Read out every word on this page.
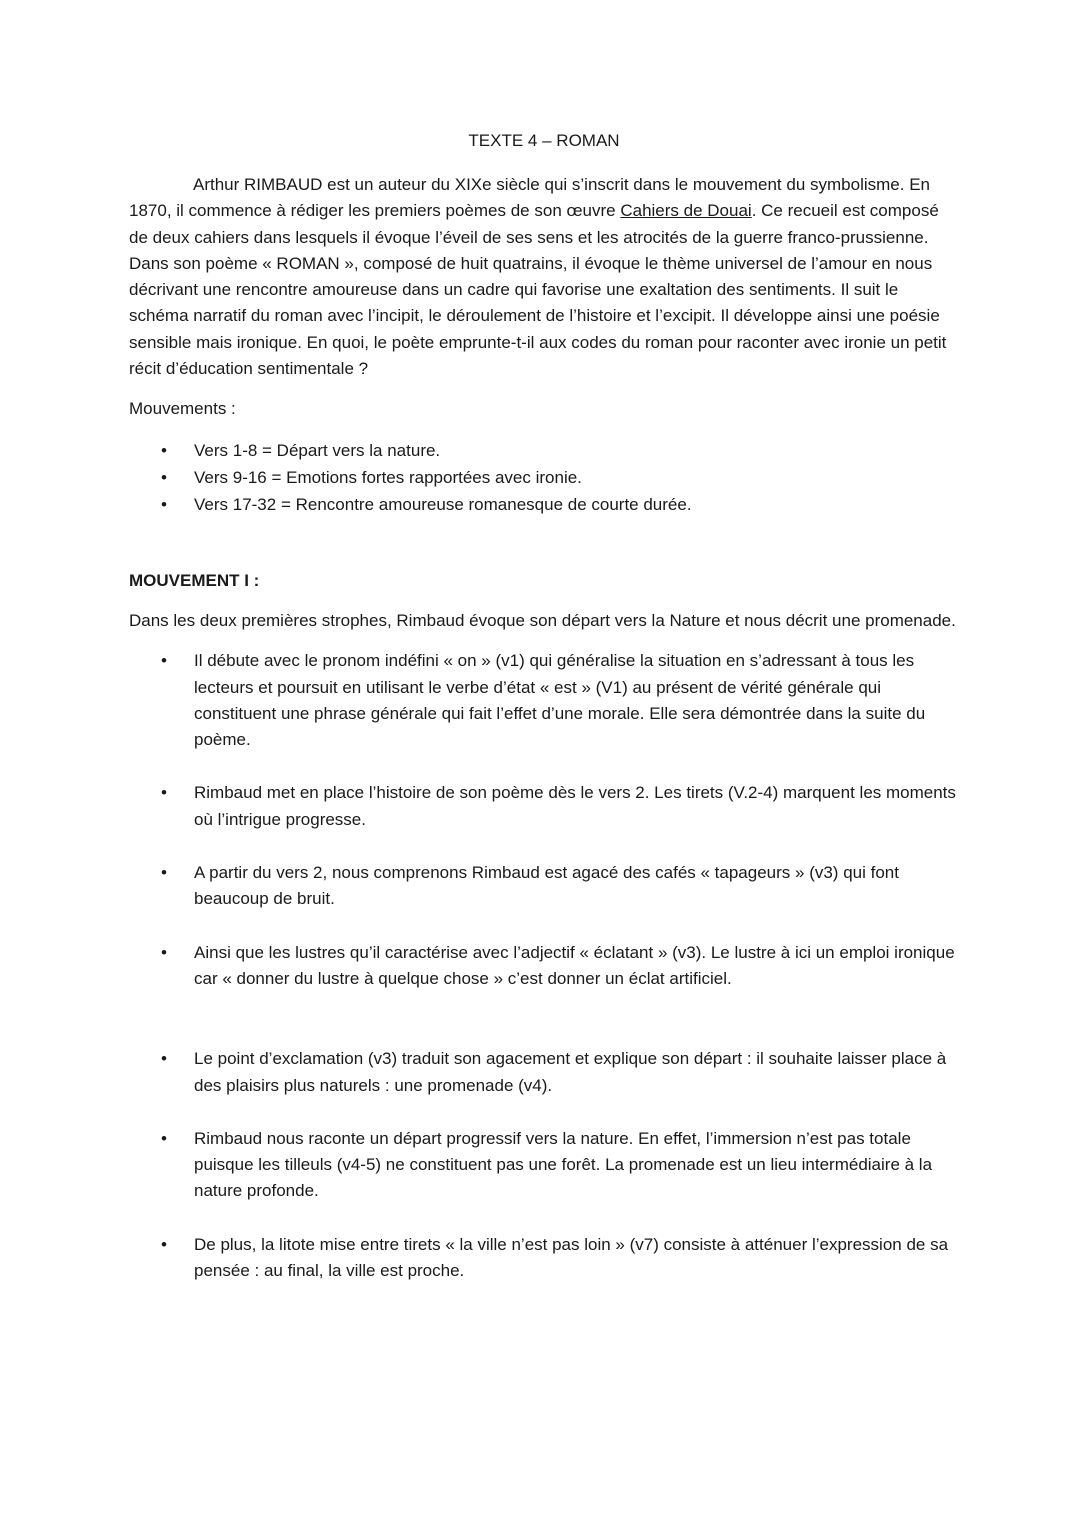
TEXTE 4 – ROMAN

Arthur RIMBAUD est un auteur du XIXe siècle qui s’inscrit dans le mouvement du symbolisme. En 1870, il commence à rédiger les premiers poèmes de son œuvre Cahiers de Douai. Ce recueil est composé de deux cahiers dans lesquels il évoque l’éveil de ses sens et les atrocités de la guerre franco-prussienne. Dans son poème « ROMAN », composé de huit quatrains, il évoque le thème universel de l’amour en nous décrivant une rencontre amoureuse dans un cadre qui favorise une exaltation des sentiments. Il suit le schéma narratif du roman avec l’incipit, le déroulement de l’histoire et l’excipit. Il développe ainsi une poésie sensible mais ironique. En quoi, le poète emprunte-t-il aux codes du roman pour raconter avec ironie un petit récit d’éducation sentimentale ?

Mouvements :

• Vers 1-8 = Départ vers la nature.
• Vers 9-16 = Emotions fortes rapportées avec ironie.
• Vers 17-32 = Rencontre amoureuse romanesque de courte durée.

MOUVEMENT I :

Dans les deux premières strophes, Rimbaud évoque son départ vers la Nature et nous décrit une promenade.

• Il débute avec le pronom indéfini « on » (v1) qui généralise la situation en s’adressant à tous les lecteurs et poursuit en utilisant le verbe d’état « est » (V1) au présent de vérité générale qui constituent une phrase générale qui fait l’effet d’une morale. Elle sera démontrée dans la suite du poème.
• Rimbaud met en place l’histoire de son poème dès le vers 2. Les tirets (V.2-4) marquent les moments où l’intrigue progresse.
• A partir du vers 2, nous comprenons Rimbaud est agacé des cafés « tapageurs » (v3) qui font beaucoup de bruit.
• Ainsi que les lustres qu’il caractérise avec l’adjectif « éclatant » (v3). Le lustre à ici un emploi ironique car « donner du lustre à quelque chose » c’est donner un éclat artificiel.
• Le point d’exclamation (v3) traduit son agacement et explique son départ : il souhaite laisser place à des plaisirs plus naturels : une promenade (v4).
• Rimbaud nous raconte un départ progressif vers la nature. En effet, l’immersion n’est pas totale puisque les tilleuls (v4-5) ne constituent pas une forêt. La promenade est un lieu intermédiaire à la nature profonde.
• De plus, la litote mise entre tirets « la ville n’est pas loin » (v7) consiste à atténuer l’expression de sa pensée : au final, la ville est proche.
